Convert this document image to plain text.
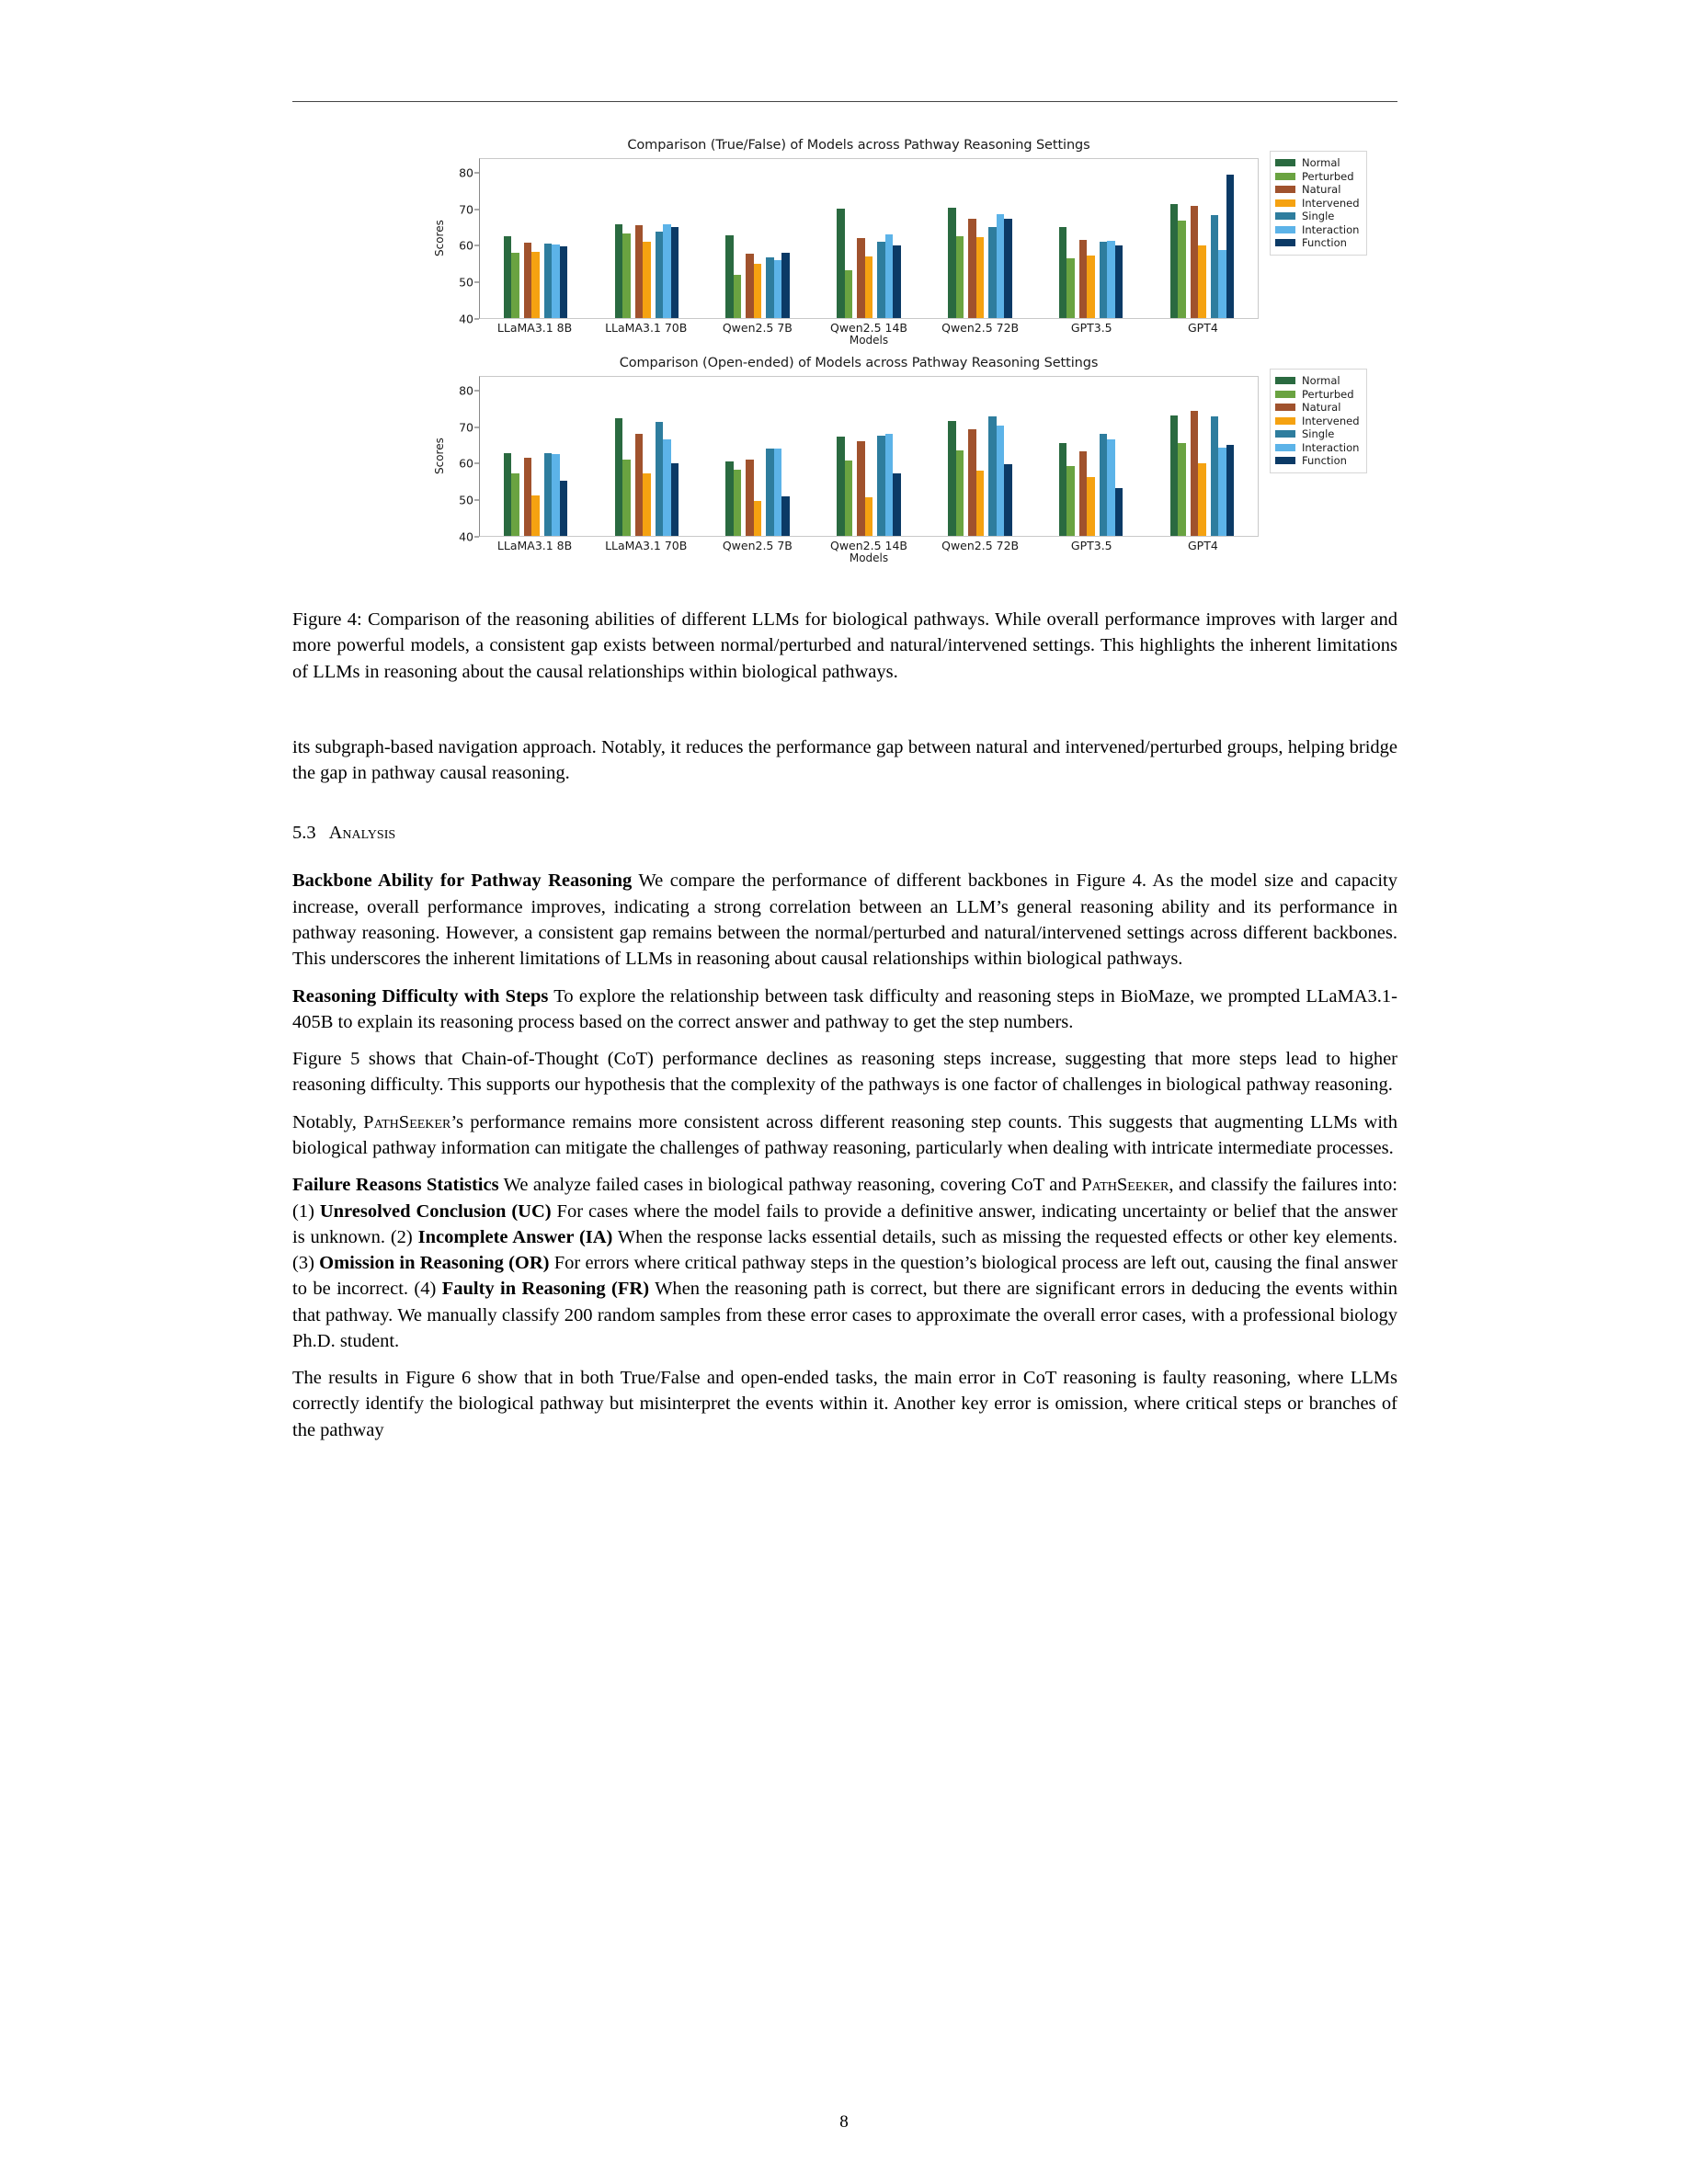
Comparison (True/False) of Models across Pathway Reasoning Settings
Scores
40
50
60
70
80
LLaMA3.1 8B	LLaMA3.1 70B	Qwen2.5 7B	Qwen2.5 14B	Qwen2.5 72B	GPT3.5	GPT4
Models
Normal
Perturbed
Natural
Intervened
Single
Interaction
Function
Comparison (Open-ended) of Models across Pathway Reasoning Settings
Scores
40
50
60
70
80
LLaMA3.1 8B	LLaMA3.1 70B	Qwen2.5 7B	Qwen2.5 14B	Qwen2.5 72B	GPT3.5	GPT4
Models
Normal
Perturbed
Natural
Intervened
Single
Interaction
Function
Figure 4: Comparison of the reasoning abilities of different LLMs for biological pathways. While overall performance improves with larger and more powerful models, a consistent gap exists between normal/perturbed and natural/intervened settings. This highlights the inherent limitations of LLMs in reasoning about the causal relationships within biological pathways.

its subgraph-based navigation approach. Notably, it reduces the performance gap between natural and intervened/perturbed groups, helping bridge the gap in pathway causal reasoning.

5.3 Analysis

Backbone Ability for Pathway Reasoning We compare the performance of different backbones in Figure 4. As the model size and capacity increase, overall performance improves, indicating a strong correlation between an LLM’s general reasoning ability and its performance in pathway reasoning. However, a consistent gap remains between the normal/perturbed and natural/intervened settings across different backbones. This underscores the inherent limitations of LLMs in reasoning about causal relationships within biological pathways.

Reasoning Difficulty with Steps To explore the relationship between task difficulty and reasoning steps in BioMaze, we prompted LLaMA3.1-405B to explain its reasoning process based on the correct answer and pathway to get the step numbers.

Figure 5 shows that Chain-of-Thought (CoT) performance declines as reasoning steps increase, suggesting that more steps lead to higher reasoning difficulty. This supports our hypothesis that the complexity of the pathways is one factor of challenges in biological pathway reasoning.

Notably, PathSeeker’s performance remains more consistent across different reasoning step counts. This suggests that augmenting LLMs with biological pathway information can mitigate the challenges of pathway reasoning, particularly when dealing with intricate intermediate processes.

Failure Reasons Statistics We analyze failed cases in biological pathway reasoning, covering CoT and PathSeeker, and classify the failures into: (1) Unresolved Conclusion (UC) For cases where the model fails to provide a definitive answer, indicating uncertainty or belief that the answer is unknown. (2) Incomplete Answer (IA) When the response lacks essential details, such as missing the requested effects or other key elements. (3) Omission in Reasoning (OR) For errors where critical pathway steps in the question’s biological process are left out, causing the final answer to be incorrect. (4) Faulty in Reasoning (FR) When the reasoning path is correct, but there are significant errors in deducing the events within that pathway. We manually classify 200 random samples from these error cases to approximate the overall error cases, with a professional biology Ph.D. student.

The results in Figure 6 show that in both True/False and open-ended tasks, the main error in CoT reasoning is faulty reasoning, where LLMs correctly identify the biological pathway but misinterpret the events within it. Another key error is omission, where critical steps or branches of the pathway

8
